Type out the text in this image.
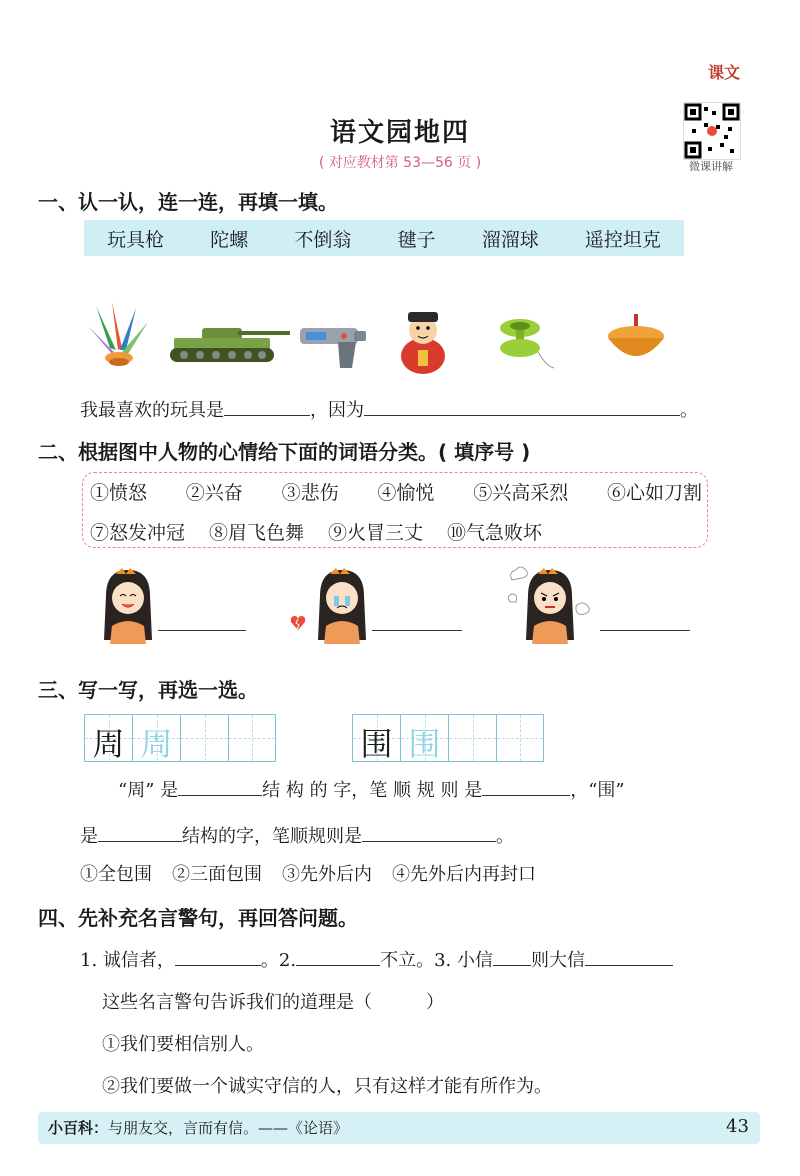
课文
语文园地四
( 对应教材第 53—56 页 )	微课讲解
一、认一认，连一连，再填一填。
玩具枪 陀螺 不倒翁 毽子 溜溜球 遥控坦克
我最喜欢的玩具是	，因为	。
二、根据图中人物的心情给下面的词语分类。( 填序号 )
①愤怒 ②兴奋 ③悲伤 ④愉悦 ⑤兴高采烈 ⑥心如刀割
⑦怒发冲冠 ⑧眉飞色舞 ⑨火冒三丈 ⑩气急败坏
三、写一写，再选一选。
周 周	围 围
“周” 是	结 构 的 字，笔 顺 规 则 是	，“围”
是	结构的字，笔顺规则是	。
①全包围 ②三面包围 ③先外后内 ④先外后内再封口
四、先补充名言警句，再回答问题。
1. 诚信者，	。2.	不立。3. 小信 则大信
这些名言警句告诉我们的道理是（　　　）
①我们要相信别人。
②我们要做一个诚实守信的人，只有这样才能有所作为。
小百科：与朋友交，言而有信。——《论语》	43
